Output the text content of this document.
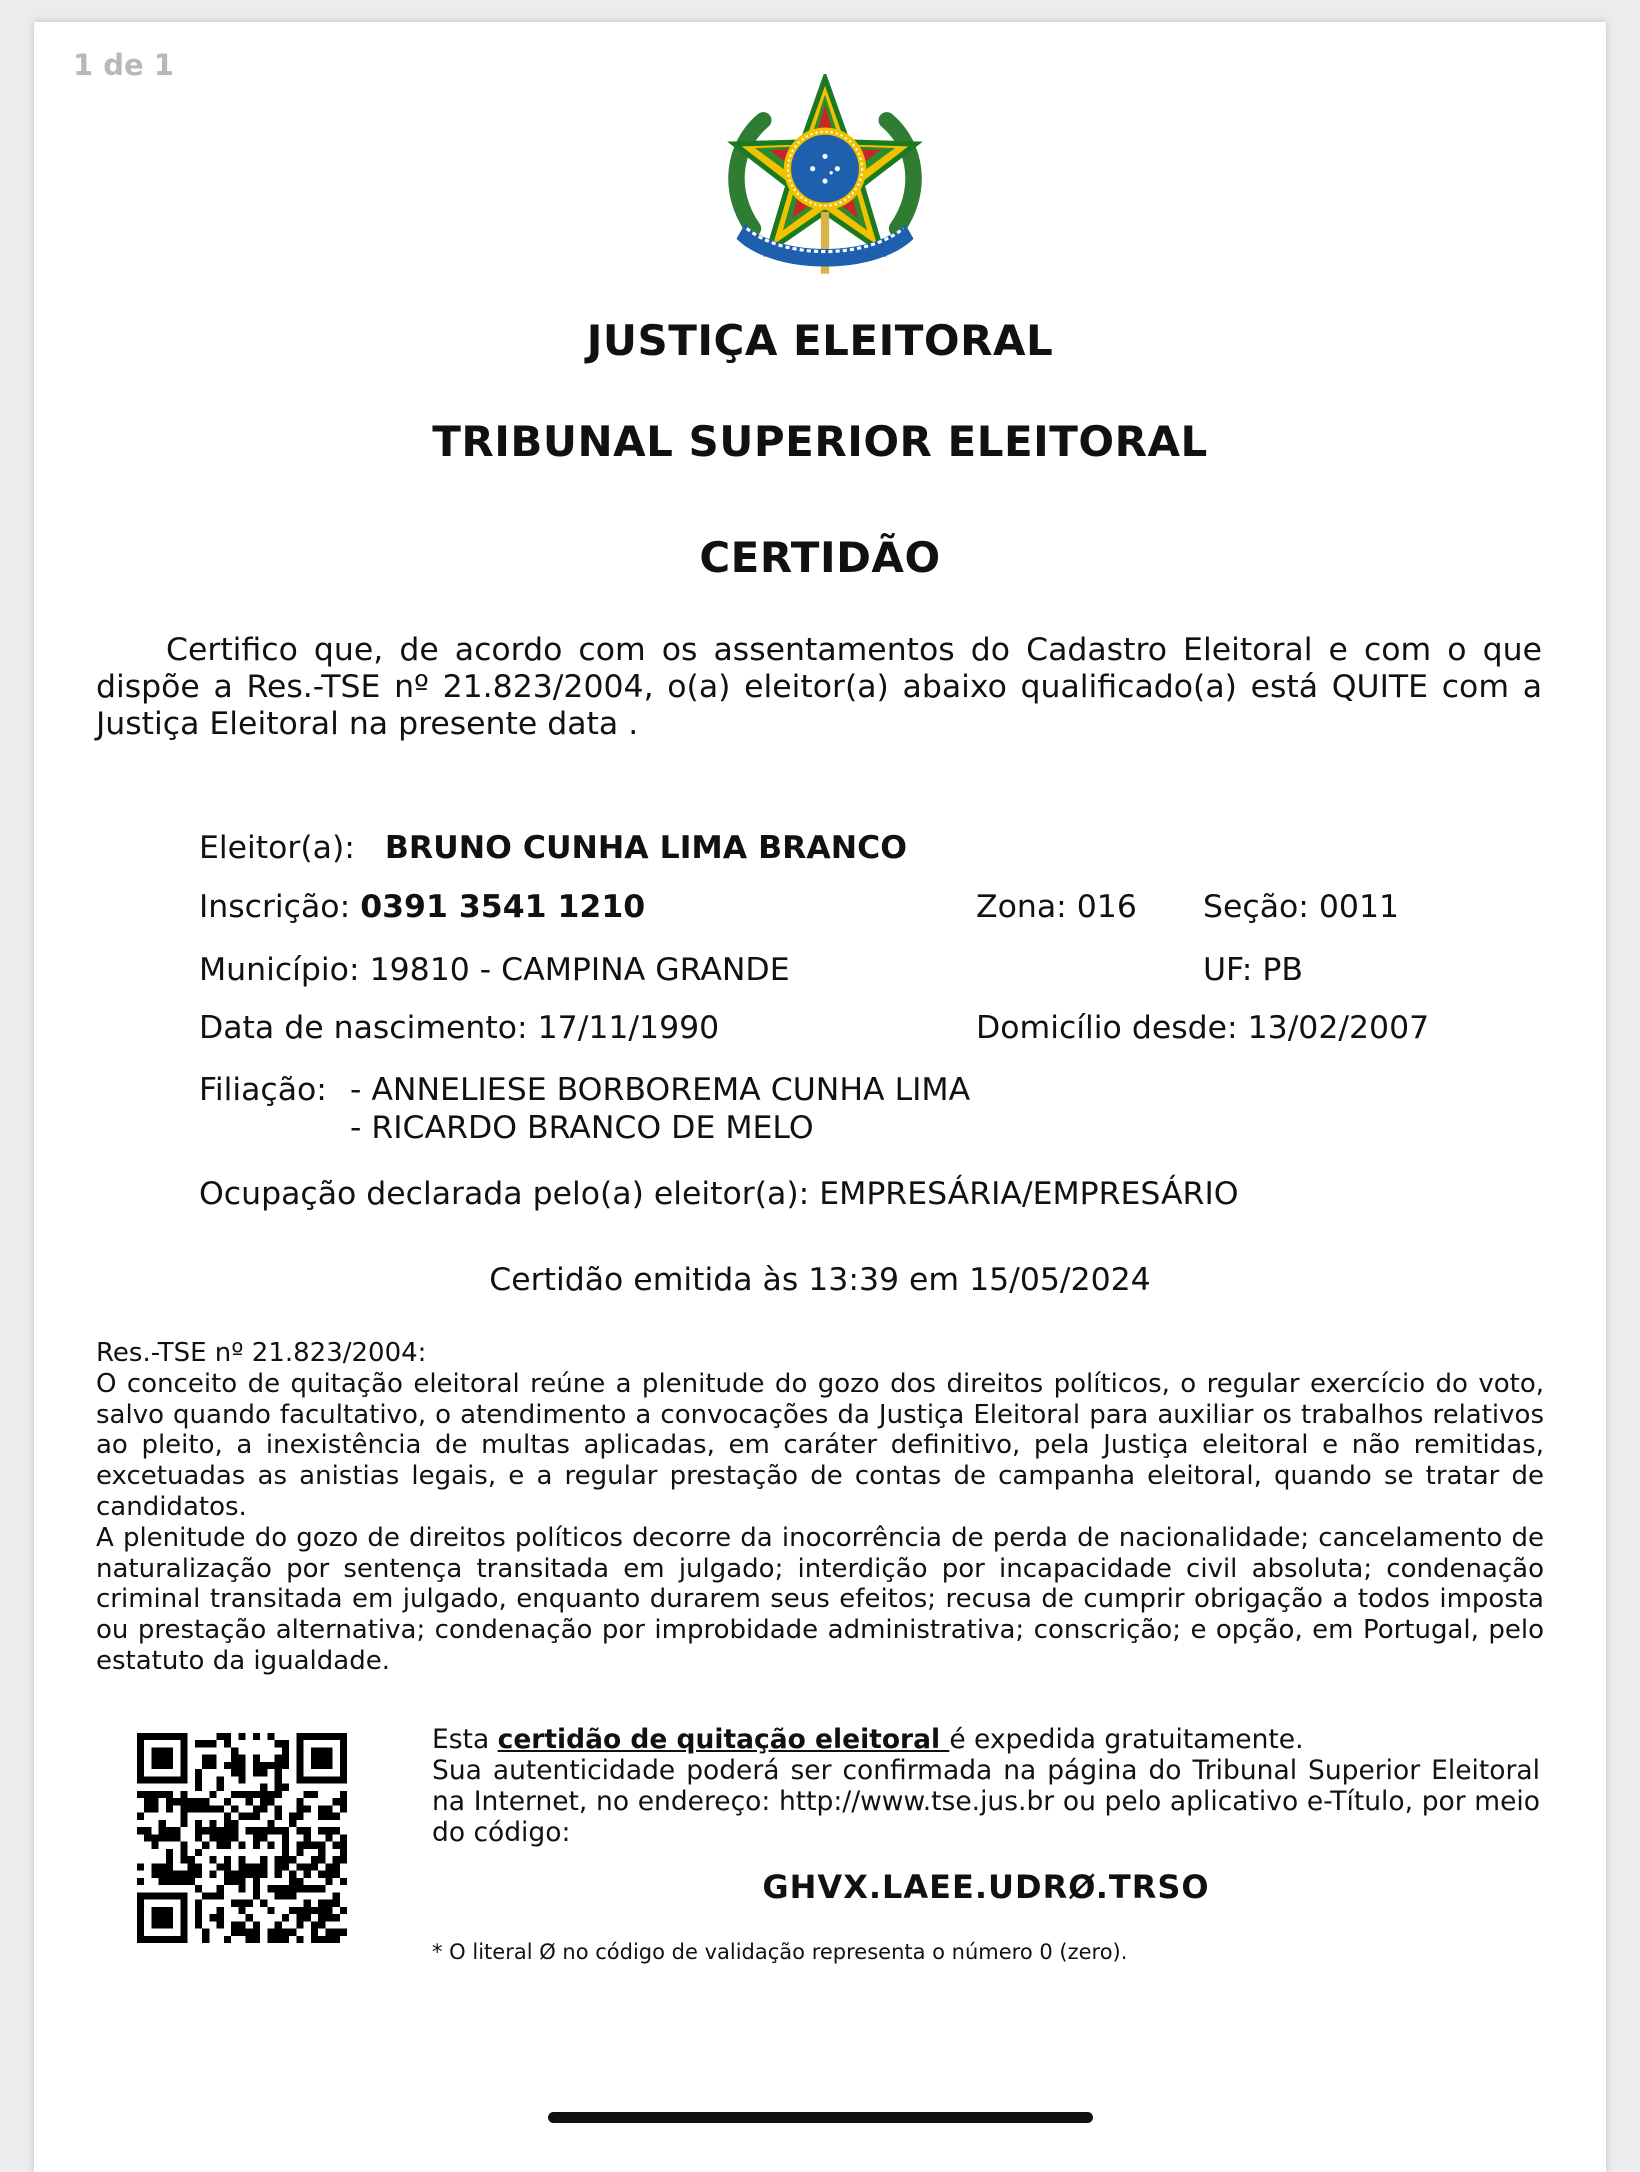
1 de 1
JUSTIÇA ELEITORAL
TRIBUNAL SUPERIOR ELEITORAL
CERTIDÃO
Certifico que, de acordo com os assentamentos do Cadastro Eleitoral e com o que dispõe a Res.-TSE nº 21.823/2004, o(a) eleitor(a) abaixo qualificado(a) está QUITE com a Justiça Eleitoral na presente data .
Eleitor(a): BRUNO CUNHA LIMA BRANCO
Inscrição: 0391 3541 1210	Zona: 016 Seção: 0011
Município: 19810 - CAMPINA GRANDE	UF: PB
Data de nascimento: 17/11/1990	Domicílio desde: 13/02/2007
Filiação: - ANNELIESE BORBOREMA CUNHA LIMA
- RICARDO BRANCO DE MELO
Ocupação declarada pelo(a) eleitor(a): EMPRESÁRIA/EMPRESÁRIO
Certidão emitida às 13:39 em 15/05/2024

Res.-TSE nº 21.823/2004:

O conceito de quitação eleitoral reúne a plenitude do gozo dos direitos políticos, o regular exercício do voto, salvo quando facultativo, o atendimento a convocações da Justiça Eleitoral para auxiliar os trabalhos relativos ao pleito, a inexistência de multas aplicadas, em caráter definitivo, pela Justiça eleitoral e não remitidas, excetuadas as anistias legais, e a regular prestação de contas de campanha eleitoral, quando se tratar de candidatos.

A plenitude do gozo de direitos políticos decorre da inocorrência de perda de nacionalidade; cancelamento de naturalização por sentença transitada em julgado; interdição por incapacidade civil absoluta; condenação criminal transitada em julgado, enquanto durarem seus efeitos; recusa de cumprir obrigação a todos imposta ou prestação alternativa; condenação por improbidade administrativa; conscrição; e opção, em Portugal, pelo estatuto da igualdade.

Esta certidão de quitação eleitoral é expedida gratuitamente.
Sua autenticidade poderá ser confirmada na página do Tribunal Superior Eleitoral na Internet, no endereço: http://www.tse.jus.br ou pelo aplicativo e-Título, por meio do código:
GHVX.LAEE.UDRØ.TRSO
* O literal Ø no código de validação representa o número 0 (zero).
